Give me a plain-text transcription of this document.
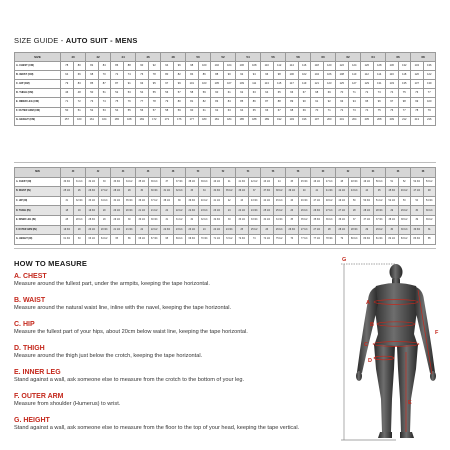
SIZE GUIDE - AUTO SUIT - MENS
SIZE	40		42		44		46		48		50		52		54		56		58		60		62		64		66		68	
A. CHEST (CM)	78	80	82	84	86	88	90	92	94	96	98	100	102	104	106	108	110	112	114	116	118	120	122	124	126	128	130	132	134	136
B. WAIST (CM)	64	66	68	70	72	74	76	78	80	82	84	86	88	90	92	94	96	98	100	102	104	106	108	110	112	114	116	118	120	122
C. HIP (CM)	79	83	85	87	87	91	93	95	97	99	101	103	105	107	109	111	113	115	117	119	121	123	125	127	129	131	133	135	137	139
D. THIGH (CM)	46	48	50	51	52	53	54	55	56	57	58	59	60	61	62	63	64	65	66	67	68	69	70	71	72	73	74	75	76	77
E. INNER LEG (CM)	71	72	73	74	75	76	77	78	79	80	81	82	83	84	85	86	87	88	89	90	91	92	93	94	95	96	97	98	99	100
F. OUTER ARM (CM)	50	51	52	53	54	55	56	57	58	59	60	61	62	63	64	65	66	67	68	69	70	71	72	73	74	75	76	77	78	79
G. HEIGHT (CM)	157	160	161	164	165	168	169	172	173	176	177	180	181	184	185	188	189	192	193	196	197	200	201	204	205	208	209	212	213	216
SIZE	40		42		44		46		48		50		52		54		56		58		60		62		64		66		68	
A. CHEST (IN)	30 3/4	31 1/4	32 1/4	33	33 3/4	34 1/2	35 1/2	36 1/4	37	37 3/4	38 1/2	39 1/4	40 1/4	41	41 3/4	42 1/2	43 1/4	44	45	45 3/4	46 1/2	47 1/4	48	48 3/4	49 1/2	50 1/4	51	52	52 3/4	53 1/2
B. WAIST (IN)	25 1/4	26	26 3/4	27 1/2	28 1/4	29	30	30 3/4	31 1/2	32 1/4	33	34	34 3/4	35 1/2	36 1/4	37	37 3/4	38 1/2	39 1/4	40	41	41 3/4	42 1/2	43 1/4	44	45	45 3/4	46 1/2	47 1/4	48
C. HIP (IN)	31	32 3/4	33 1/2	34 1/4	34 1/4	35 3/4	36 1/2	37 1/2	38 1/4	39	39 3/4	40 1/2	41 1/4	42	43	43 3/4	44 1/2	45 1/4	46	46 3/4	47 1/2	48 1/2	49 1/4	50	50 3/4	51 1/2	52 1/4	53	54	54 3/4
D. THIGH (IN)	18	19	19 3/4	20	20 1/2	20 3/4	21 1/4	21 1/2	22	22 1/2	22 3/4	23 1/4	23 1/2	24	24 1/2	24 3/4	25 1/4	25 1/2	26	26 1/4	26 3/4	27 1/4	27 1/2	28	28 1/4	28 3/4	29	29 1/2	30	30 1/4
E. INNER LEG (IN)	28	28 1/4	28 3/4	29	29 1/2	30	30 1/4	30 3/4	31	31 1/2	32	32 1/4	32 3/4	33	33 1/2	33 3/4	34 1/4	34 3/4	35	35 1/2	35 3/4	36 1/4	36 1/2	37	37 1/2	37 3/4	38 1/4	38 1/2	39	39 1/2
F. OUTER ARM (IN)	19 3/4	20	20 1/2	20 3/4	21 1/4	21 3/4	22	22 1/2	22 3/4	23 1/4	23 1/2	24	24 1/2	24 3/4	25	25 1/2	26	26 1/4	26 3/4	27 1/4	27 1/2	28	28 1/4	28 3/4	29	29 1/2	30	30 1/4	30 3/4	31
G. HEIGHT (IN)	61 3/4	63	63 1/2	64 1/2	65	66	66 1/2	67 3/4	68	69 1/4	69 3/4	70 3/4	71 1/4	72 1/2	72 3/4	74	74 1/2	75 1/2	76	77 1/4	77 1/2	78 3/4	79	80 1/4	80 3/4	81 3/4	82 1/4	83 1/2	83 3/4	85
HOW TO MEASURE
A. CHEST
Measure around the fullest part, under the armpits, keeping the tape horizontal.
B. WAIST
Measure around the natural waist line, inline with the navel, keeping the tape horizontal.
C. HIP
Measure the fullest part of your hips, about 20cm below waist line, keeping the tape horizontal.
D. THIGH
Measure around the thigh just below the crotch, keeping the tape horizontal.
E. INNER LEG
Stand against a wall, ask someone else to measure from the crotch to the bottom of your leg.
F. OUTER ARM
Measure from shoulder (Humerus) to wrist.
G. HEIGHT
Stand against a wall, ask someone else to measure from the floor to the top of your head, keeping the tape vertical.
G
A
B
C
D
E
F
